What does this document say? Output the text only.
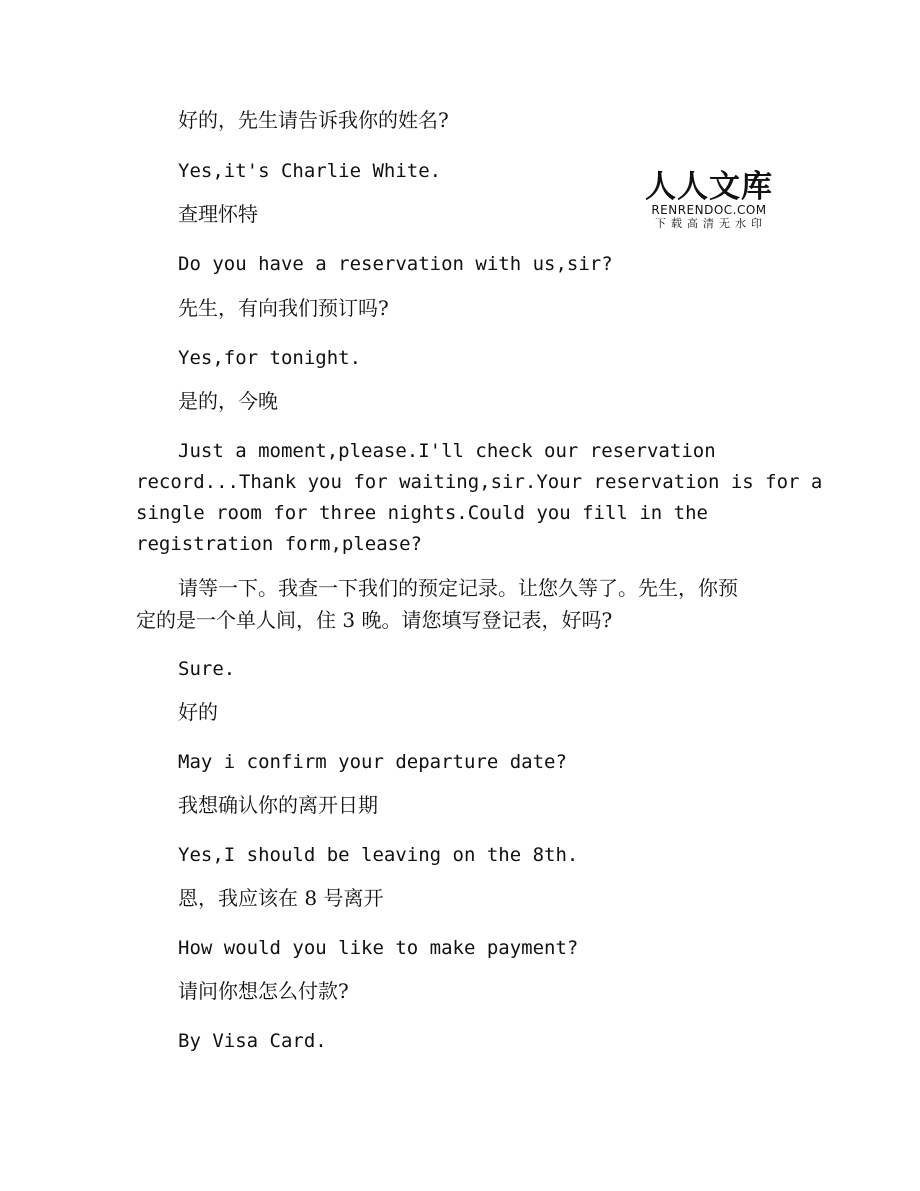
人人文库
RENRENDOC.COM
下载高清无水印

好的，先生请告诉我你的姓名?

Yes,it's Charlie White.

查理怀特

Do you have a reservation with us,sir?

先生，有向我们预订吗?

Yes,for tonight.

是的，今晚

Just a moment,please.I'll check our reservation
record...Thank you for waiting,sir.Your reservation is for a
single room for three nights.Could you fill in the
registration form,please?
请等一下。我查一下我们的预定记录。让您久等了。先生，你预
定的是一个单人间，住 3 晚。请您填写登记表，好吗?

Sure.

好的

May i confirm your departure date?

我想确认你的离开日期

Yes,I should be leaving on the 8th.

恩，我应该在 8 号离开

How would you like to make payment?

请问你想怎么付款?

By Visa Card.
